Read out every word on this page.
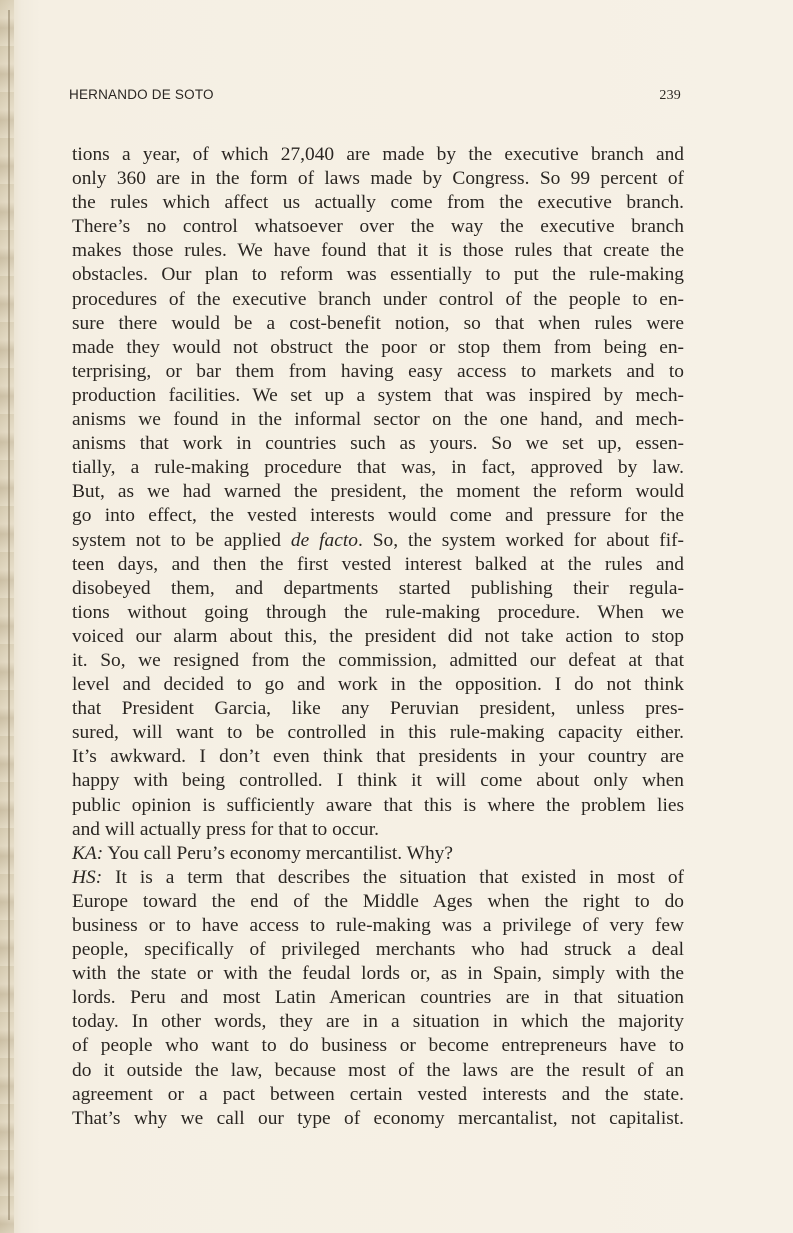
HERNANDO DE SOTO	239
tions a year, of which 27,040 are made by the executive branch and
only 360 are in the form of laws made by Congress. So 99 percent of
the rules which affect us actually come from the executive branch.
There’s no control whatsoever over the way the executive branch
makes those rules. We have found that it is those rules that create the
obstacles. Our plan to reform was essentially to put the rule-making
procedures of the executive branch under control of the people to en-
sure there would be a cost-benefit notion, so that when rules were
made they would not obstruct the poor or stop them from being en-
terprising, or bar them from having easy access to markets and to
production facilities. We set up a system that was inspired by mech-
anisms we found in the informal sector on the one hand, and mech-
anisms that work in countries such as yours. So we set up, essen-
tially, a rule-making procedure that was, in fact, approved by law.
But, as we had warned the president, the moment the reform would
go into effect, the vested interests would come and pressure for the
system not to be applied de facto. So, the system worked for about fif-
teen days, and then the first vested interest balked at the rules and
disobeyed them, and departments started publishing their regula-
tions without going through the rule-making procedure. When we
voiced our alarm about this, the president did not take action to stop
it. So, we resigned from the commission, admitted our defeat at that
level and decided to go and work in the opposition. I do not think
that President Garcia, like any Peruvian president, unless pres-
sured, will want to be controlled in this rule-making capacity either.
It’s awkward. I don’t even think that presidents in your country are
happy with being controlled. I think it will come about only when
public opinion is sufficiently aware that this is where the problem lies
and will actually press for that to occur.
KA: You call Peru’s economy mercantilist. Why?
HS: It is a term that describes the situation that existed in most of
Europe toward the end of the Middle Ages when the right to do
business or to have access to rule-making was a privilege of very few
people, specifically of privileged merchants who had struck a deal
with the state or with the feudal lords or, as in Spain, simply with the
lords. Peru and most Latin American countries are in that situation
today. In other words, they are in a situation in which the majority
of people who want to do business or become entrepreneurs have to
do it outside the law, because most of the laws are the result of an
agreement or a pact between certain vested interests and the state.
That’s why we call our type of economy mercantalist, not capitalist.
